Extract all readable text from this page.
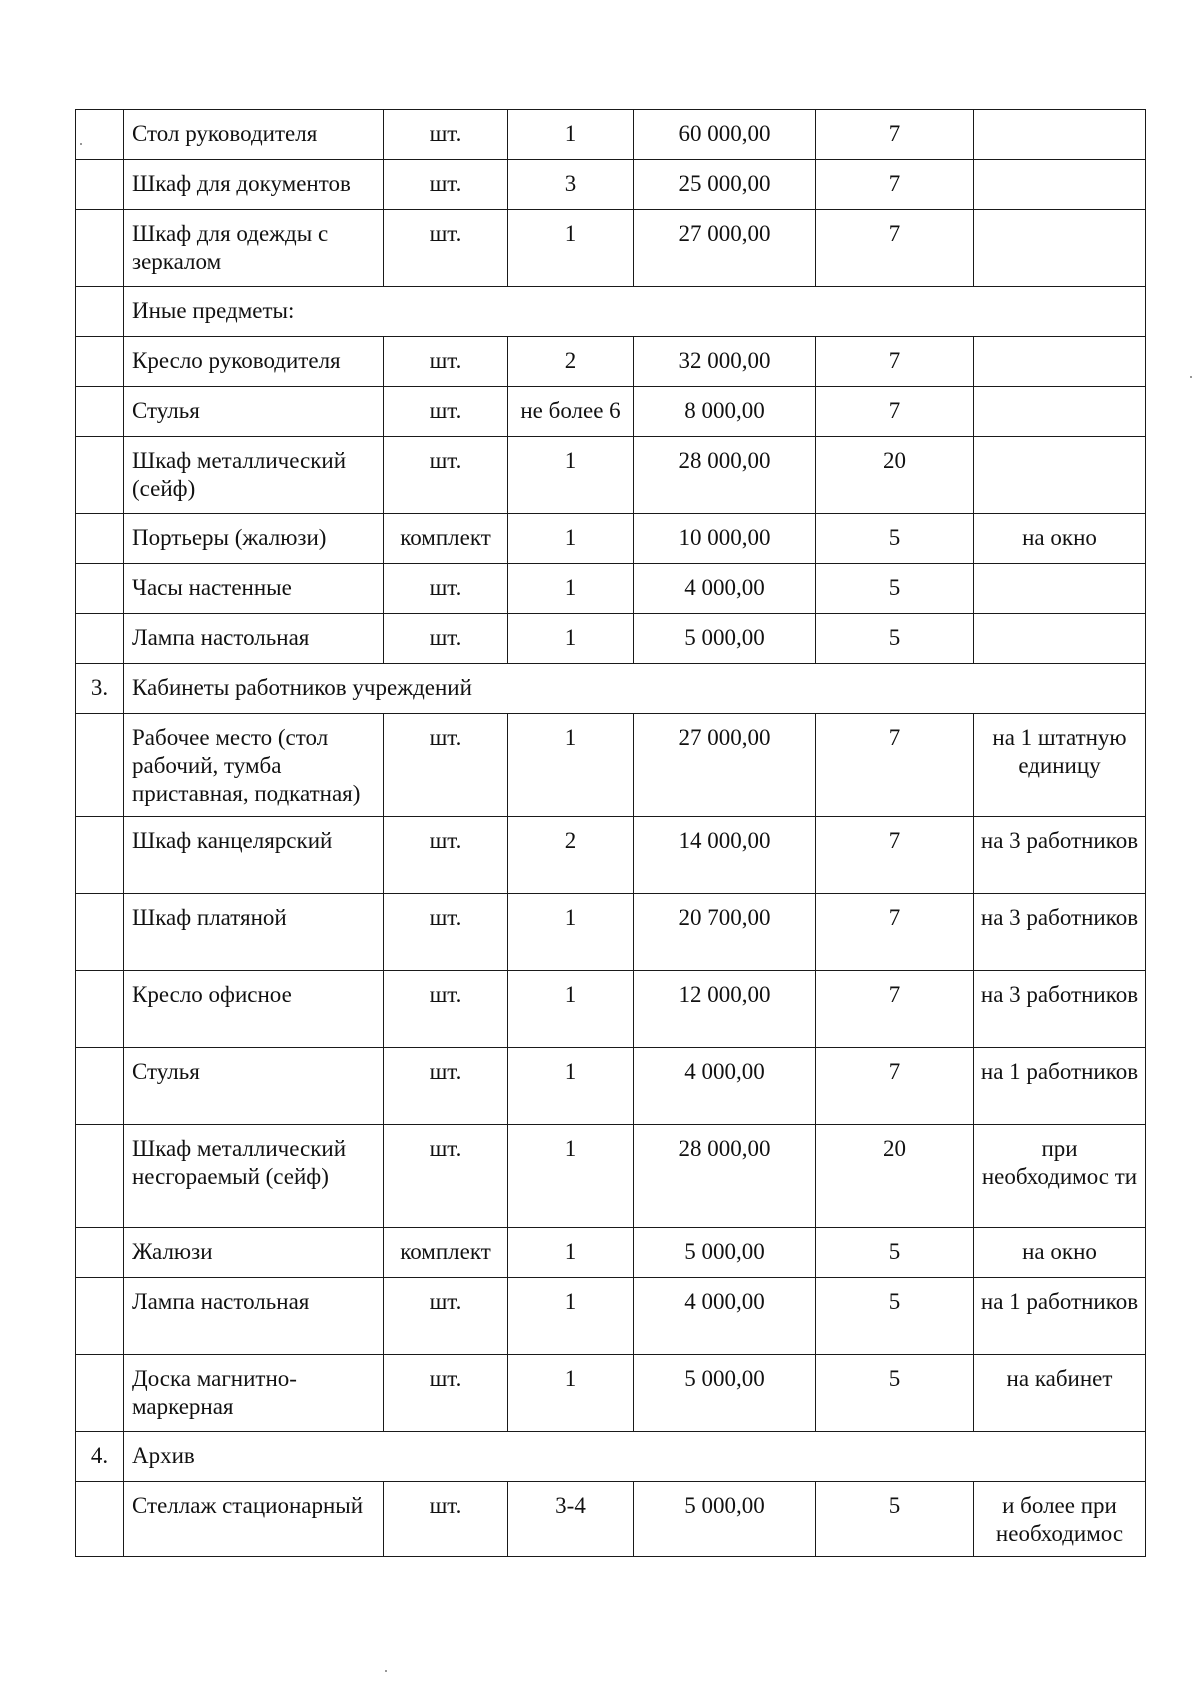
	Стол руководителя	шт.	1	60 000,00	7	
	Шкаф для документов	шт.	3	25 000,00	7	
	Шкаф для одежды с зеркалом	шт.	1	27 000,00	7	
	Иные предметы:					
	Кресло руководителя	шт.	2	32 000,00	7	
	Стулья	шт.	не более 6	8 000,00	7	
	Шкаф металлический (сейф)	шт.	1	28 000,00	20	
	Портьеры (жалюзи)	комплект	1	10 000,00	5	на окно
	Часы настенные	шт.	1	4 000,00	5	
	Лампа настольная	шт.	1	5 000,00	5	
3.	Кабинеты работников учреждений					
	Рабочее место (стол рабочий, тумба приставная, подкатная)	шт.	1	27 000,00	7	на 1 штатную единицу
	Шкаф канцелярский	шт.	2	14 000,00	7	на 3 работников
	Шкаф платяной	шт.	1	20 700,00	7	на 3 работников
	Кресло офисное	шт.	1	12 000,00	7	на 3 работников
	Стулья	шт.	1	4 000,00	7	на 1 работников
	Шкаф металлический несгораемый (сейф)	шт.	1	28 000,00	20	при необходимос ти
	Жалюзи	комплект	1	5 000,00	5	на окно
	Лампа настольная	шт.	1	4 000,00	5	на 1 работников
	Доска магнитно-маркерная	шт.	1	5 000,00	5	на кабинет
4.	Архив					
	Стеллаж стационарный	шт.	3-4	5 000,00	5	и более при необходимос
